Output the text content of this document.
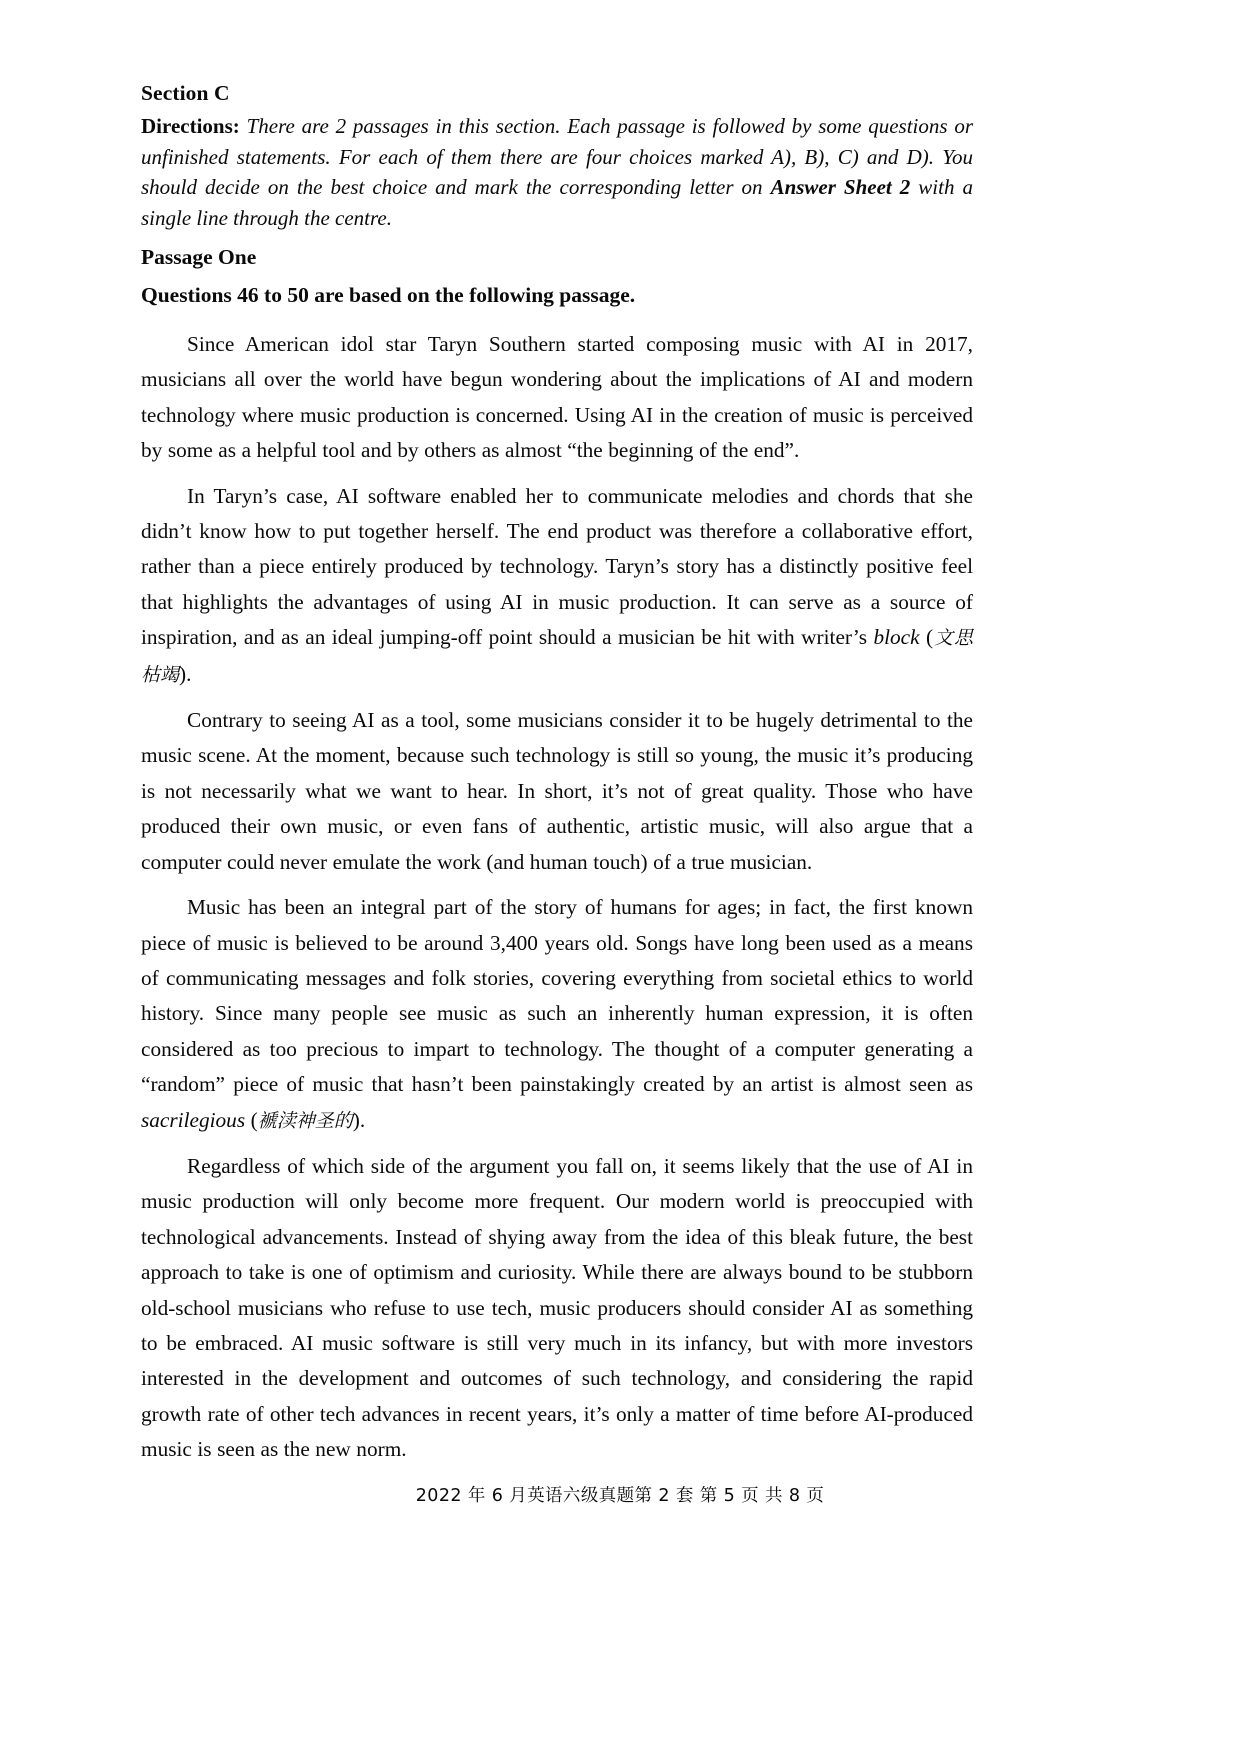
Section C
Directions: There are 2 passages in this section. Each passage is followed by some questions or unfinished statements. For each of them there are four choices marked A), B), C) and D). You should decide on the best choice and mark the corresponding letter on Answer Sheet 2 with a single line through the centre.
Passage One
Questions 46 to 50 are based on the following passage.

Since American idol star Taryn Southern started composing music with AI in 2017, musicians all over the world have begun wondering about the implications of AI and modern technology where music production is concerned. Using AI in the creation of music is perceived by some as a helpful tool and by others as almost “the beginning of the end”.

In Taryn’s case, AI software enabled her to communicate melodies and chords that she didn’t know how to put together herself. The end product was therefore a collaborative effort, rather than a piece entirely produced by technology. Taryn’s story has a distinctly positive feel that highlights the advantages of using AI in music production. It can serve as a source of inspiration, and as an ideal jumping-off point should a musician be hit with writer’s block (文思枯竭).

Contrary to seeing AI as a tool, some musicians consider it to be hugely detrimental to the music scene. At the moment, because such technology is still so young, the music it’s producing is not necessarily what we want to hear. In short, it’s not of great quality. Those who have produced their own music, or even fans of authentic, artistic music, will also argue that a computer could never emulate the work (and human touch) of a true musician.

Music has been an integral part of the story of humans for ages; in fact, the first known piece of music is believed to be around 3,400 years old. Songs have long been used as a means of communicating messages and folk stories, covering everything from societal ethics to world history. Since many people see music as such an inherently human expression, it is often considered as too precious to impart to technology. The thought of a computer generating a “random” piece of music that hasn’t been painstakingly created by an artist is almost seen as sacrilegious (褫渎神圣的).

Regardless of which side of the argument you fall on, it seems likely that the use of AI in music production will only become more frequent. Our modern world is preoccupied with technological advancements. Instead of shying away from the idea of this bleak future, the best approach to take is one of optimism and curiosity. While there are always bound to be stubborn old-school musicians who refuse to use tech, music producers should consider AI as something to be embraced. AI music software is still very much in its infancy, but with more investors interested in the development and outcomes of such technology, and considering the rapid growth rate of other tech advances in recent years, it’s only a matter of time before AI-produced music is seen as the new norm.

2022 年 6 月英语六级真题第 2 套 第 5 页 共 8 页
